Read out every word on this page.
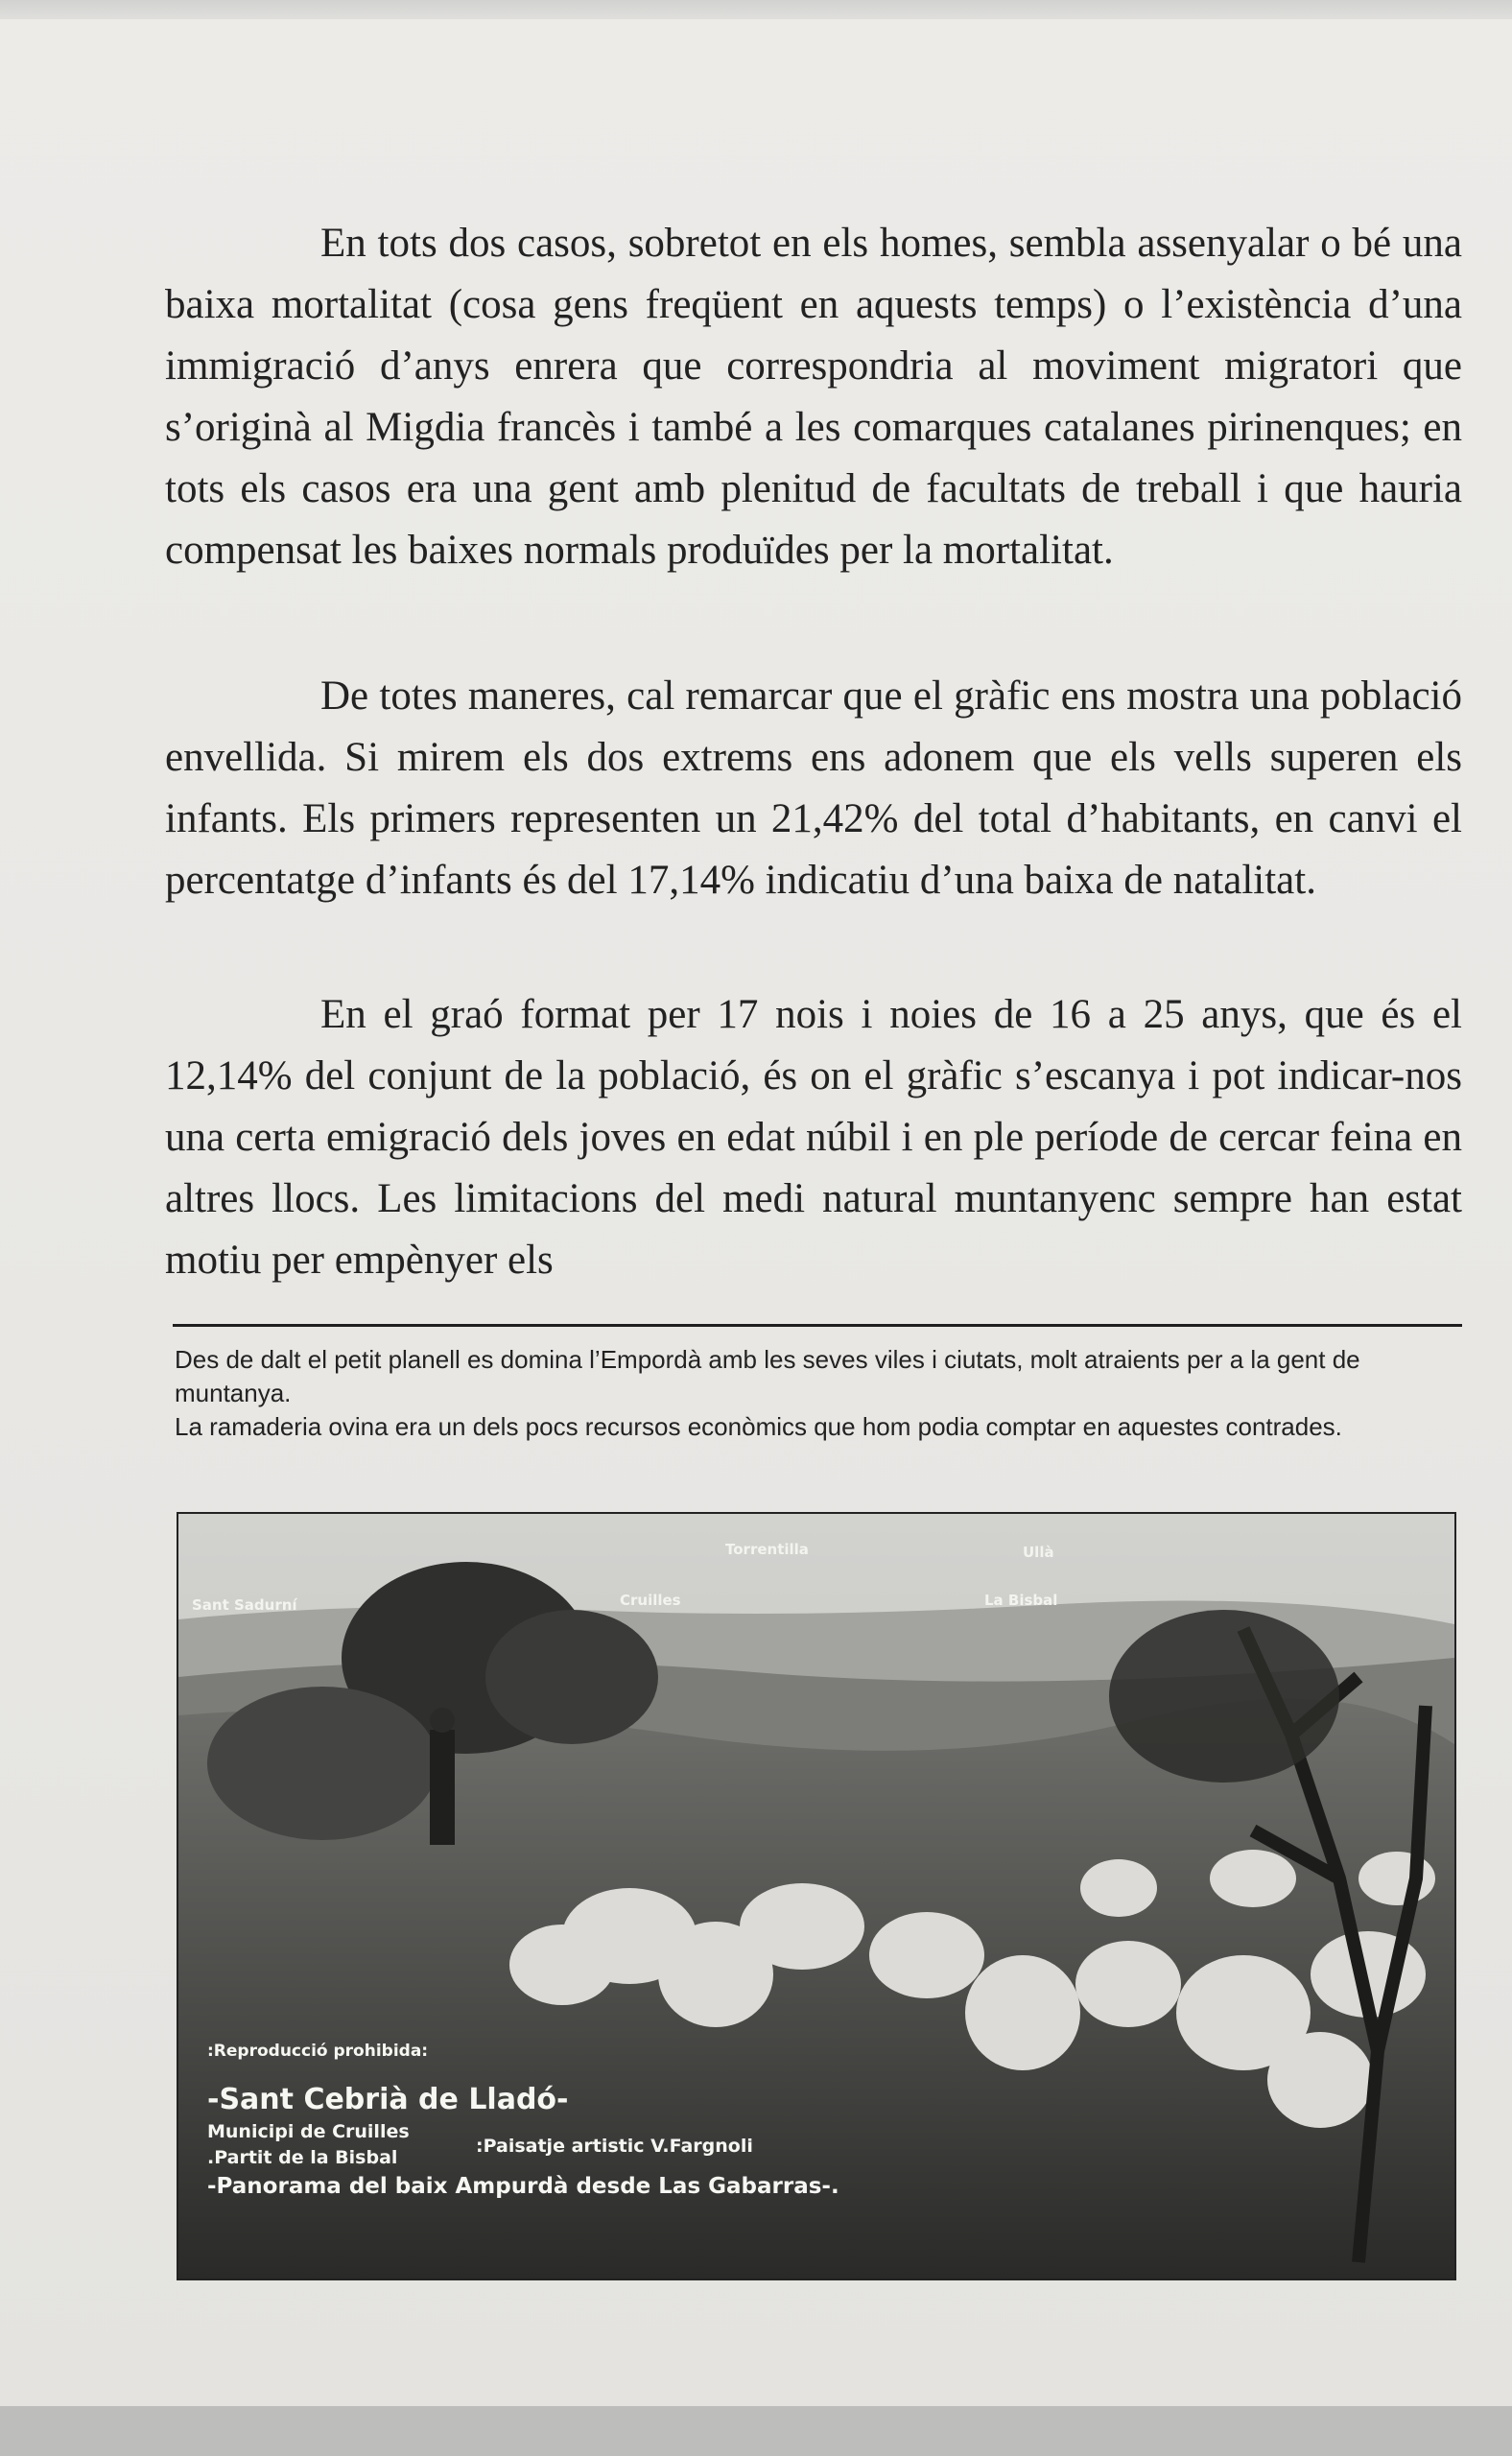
En tots dos casos, sobretot en els homes, sembla assenyalar o bé una baixa mortalitat (cosa gens freqüent en aquests temps) o l’existència d’una immigració d’anys enrera que correspondria al moviment migratori que s’originà al Migdia francès i també a les comarques catalanes pirinenques; en tots els casos era una gent amb plenitud de facultats de treball i que hauria compensat les baixes normals produïdes per la mortalitat.

De totes maneres, cal remarcar que el gràfic ens mostra una població envellida. Si mirem els dos extrems ens adonem que els vells superen els infants. Els primers representen un 21,42% del total d’habitants, en canvi el percentatge d’infants és del 17,14% indicatiu d’una baixa de natalitat.

En el graó format per 17 nois i noies de 16 a 25 anys, que és el 12,14% del conjunt de la població, és on el gràfic s’escanya i pot indicar-nos una certa emigració dels joves en edat núbil i en ple període de cercar feina en altres llocs. Les limitacions del medi natural muntanyenc sempre han estat motiu per empènyer els

Des de dalt el petit planell es domina l’Empordà amb les seves viles i ciutats, molt atraients per a la gent de muntanya.
La ramaderia ovina era un dels pocs recursos econòmics que hom podia comptar en aquestes contrades.
Sant Sadurní	Cruilles
Torrentilla
La Bisbal
Ullà
:Reproducció prohibida:
-Sant Cebrià de Lladó-
Municipi de Cruilles
.Partit de la Bisbal
:Paisatje artistic V.Fargnoli
-Panorama del baix Ampurdà desde Las Gabarras-.
